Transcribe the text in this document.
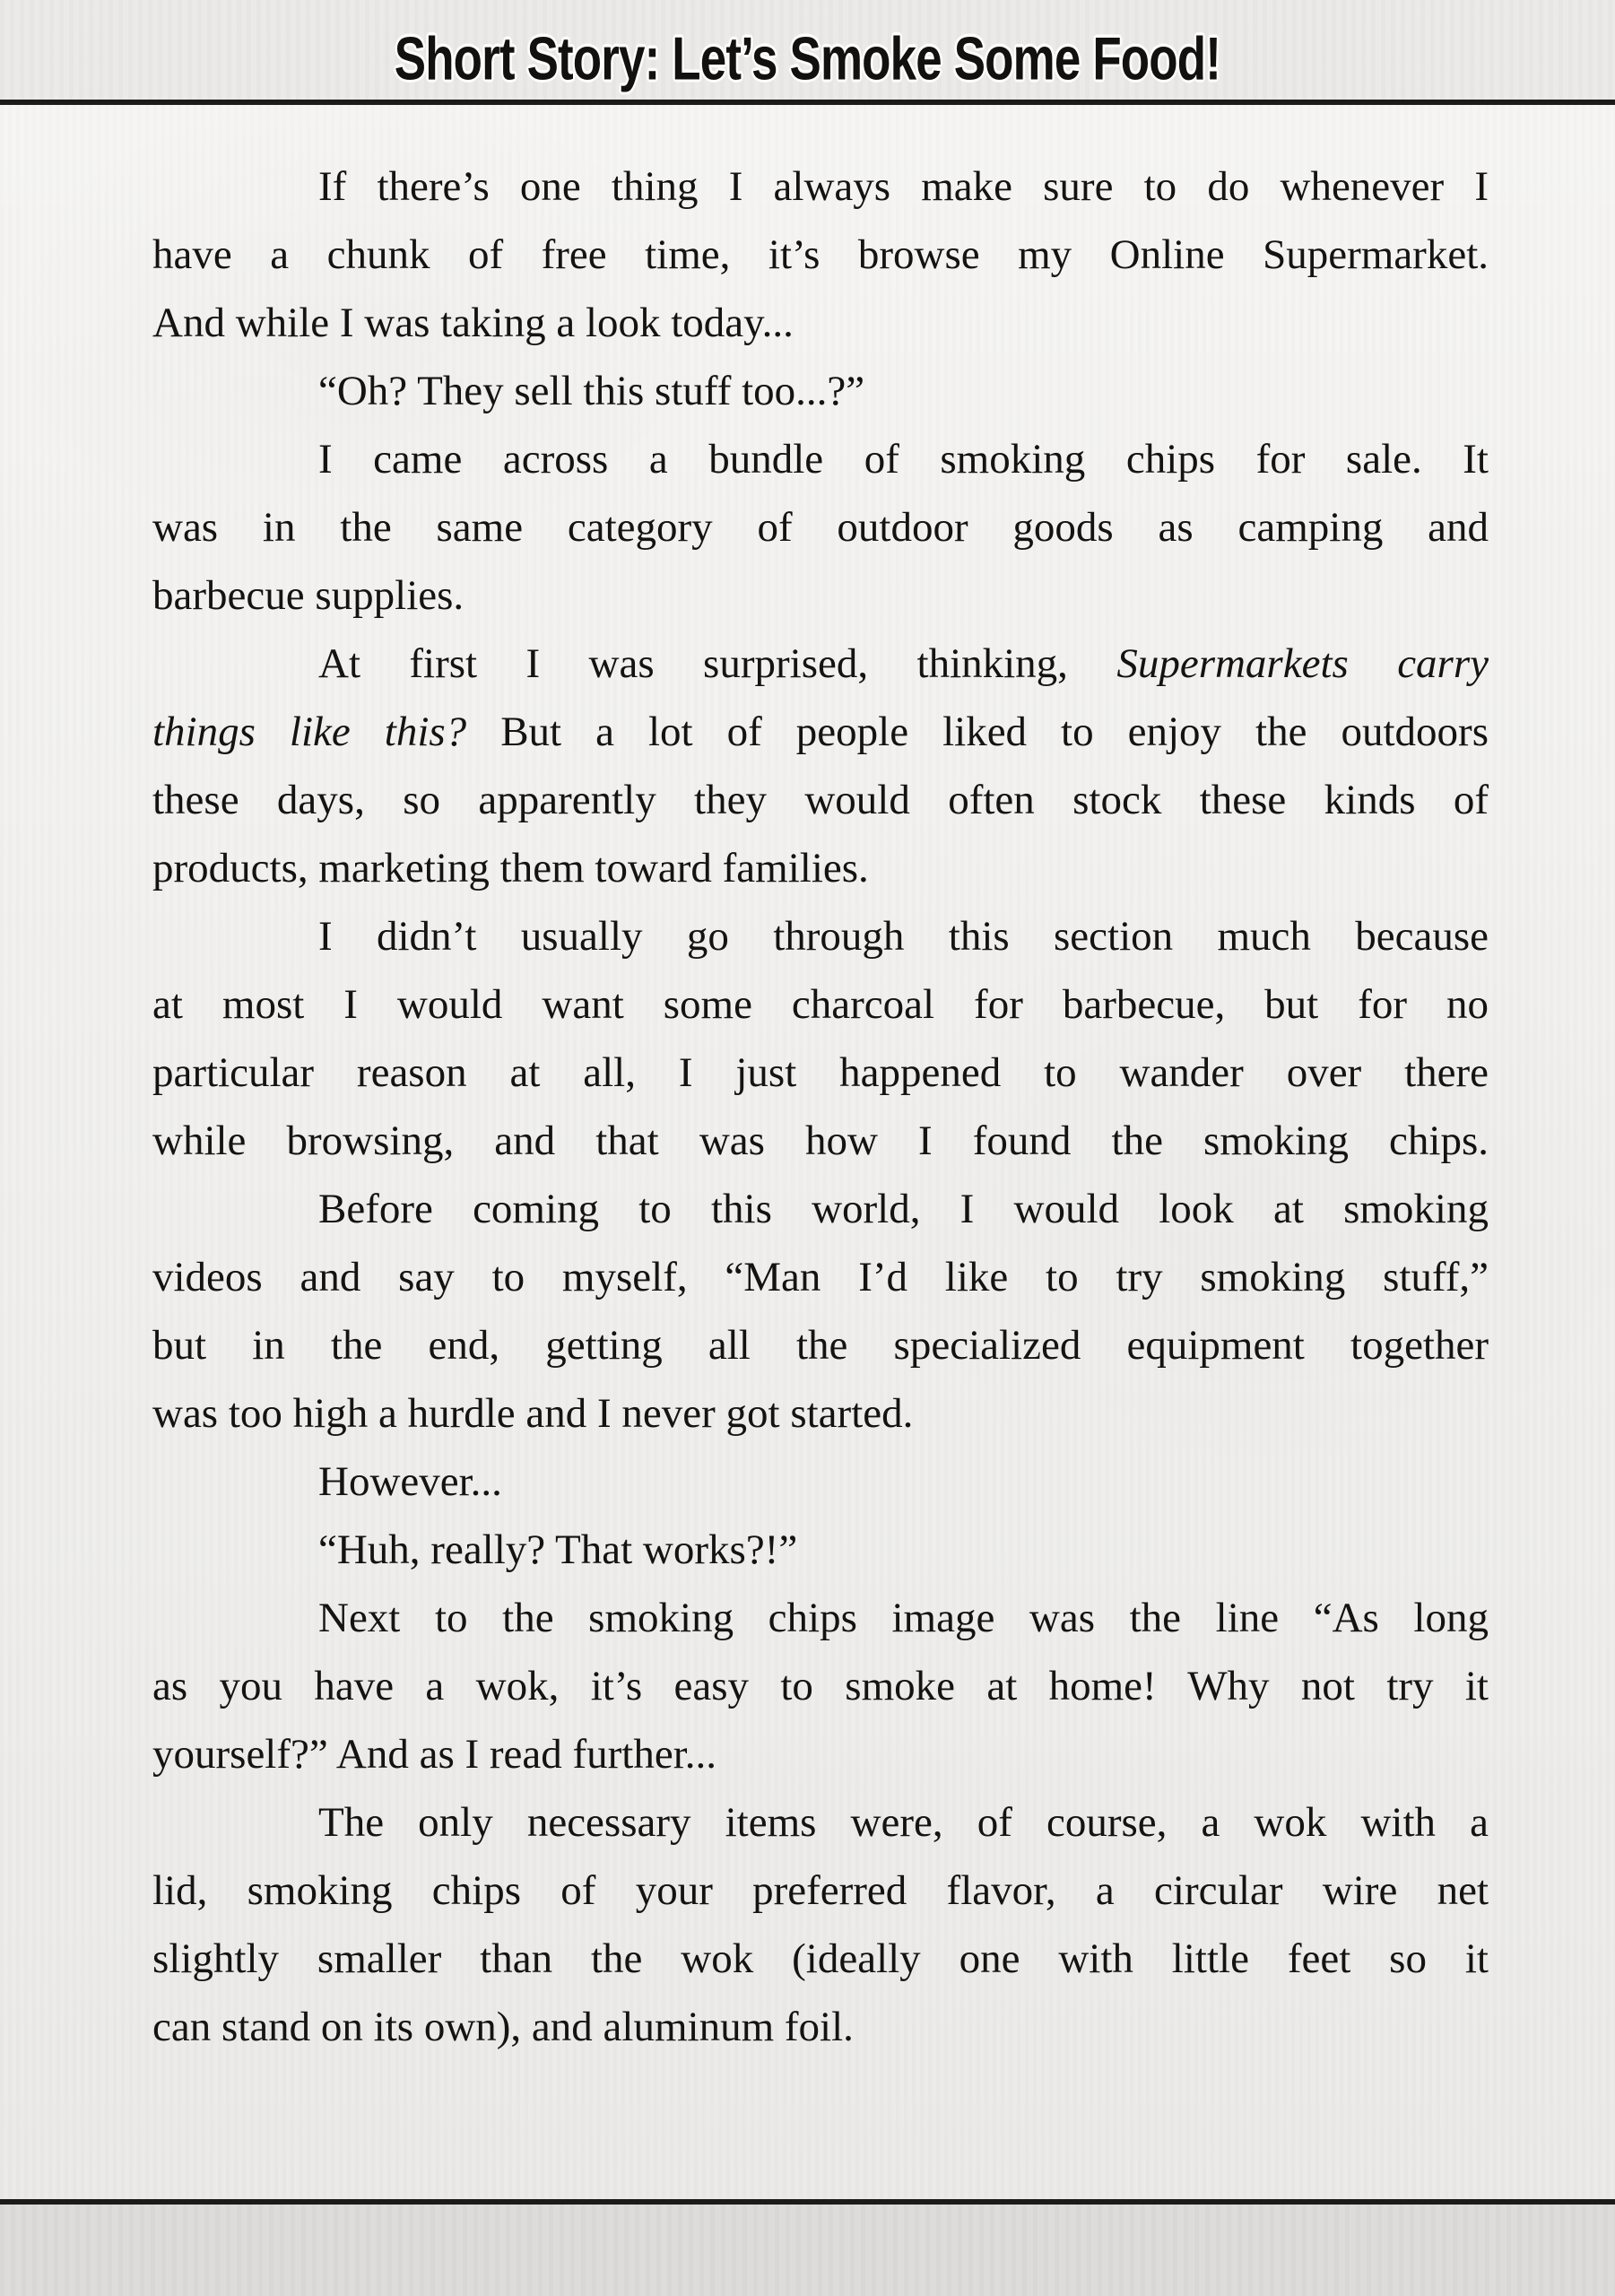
Short Story: Let’s Smoke Some Food!
If there’s one thing I always make sure to do whenever I
have a chunk of free time, it’s browse my Online Supermarket.
And while I was taking a look today...
“Oh? They sell this stuff too...?”
I came across a bundle of smoking chips for sale. It
was in the same category of outdoor goods as camping and
barbecue supplies.
At first I was surprised, thinking, Supermarkets carry
things like this? But a lot of people liked to enjoy the outdoors
these days, so apparently they would often stock these kinds of
products, marketing them toward families.
I didn’t usually go through this section much because
at most I would want some charcoal for barbecue, but for no
particular reason at all, I just happened to wander over there
while browsing, and that was how I found the smoking chips.
Before coming to this world, I would look at smoking
videos and say to myself, “Man I’d like to try smoking stuff,”
but in the end, getting all the specialized equipment together
was too high a hurdle and I never got started.
However...
“Huh, really? That works?!”
Next to the smoking chips image was the line “As long
as you have a wok, it’s easy to smoke at home! Why not try it
yourself?” And as I read further...
The only necessary items were, of course, a wok with a
lid, smoking chips of your preferred flavor, a circular wire net
slightly smaller than the wok (ideally one with little feet so it
can stand on its own), and aluminum foil.
